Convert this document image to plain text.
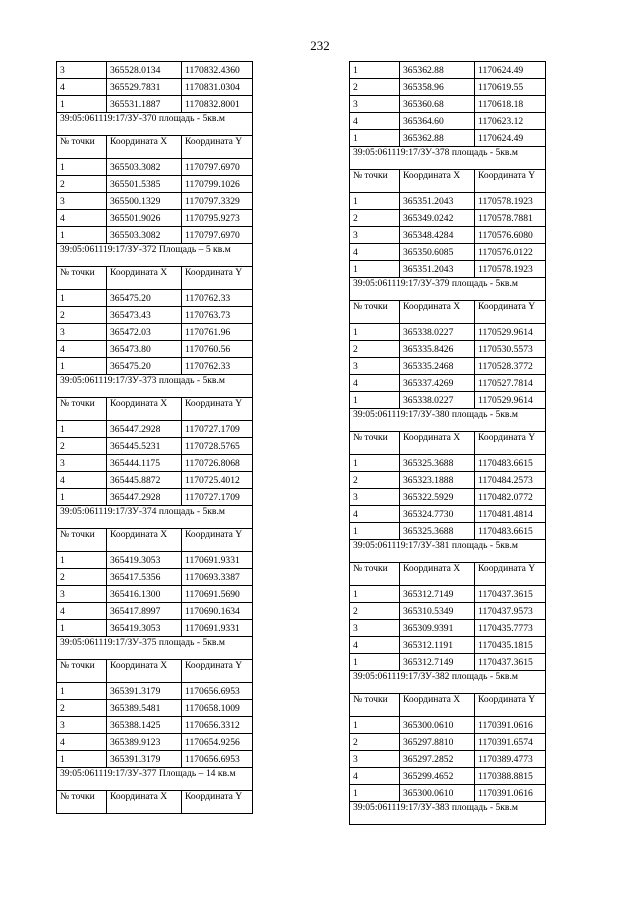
232
3	365528.0134	1170832.4360
4	365529.7831	1170831.0304
1	365531.1887	1170832.8001
39:05:061119:17/ЗУ-370 площадь - 5кв.м		
№ точки	Координата X	Координата Y
1	365503.3082	1170797.6970
2	365501.5385	1170799.1026
3	365500.1329	1170797.3329
4	365501.9026	1170795.9273
1	365503.3082	1170797.6970
39:05:061119:17/ЗУ-372 Площадь – 5 кв.м		
№ точки	Координата X	Координата Y
1	365475.20	1170762.33
2	365473.43	1170763.73
3	365472.03	1170761.96
4	365473.80	1170760.56
1	365475.20	1170762.33
39:05:061119:17/ЗУ-373 площадь - 5кв.м		
№ точки	Координата X	Координата Y
1	365447.2928	1170727.1709
2	365445.5231	1170728.5765
3	365444.1175	1170726.8068
4	365445.8872	1170725.4012
1	365447.2928	1170727.1709
39:05:061119:17/ЗУ-374 площадь - 5кв.м		
№ точки	Координата X	Координата Y
1	365419.3053	1170691.9331
2	365417.5356	1170693.3387
3	365416.1300	1170691.5690
4	365417.8997	1170690.1634
1	365419.3053	1170691.9331
39:05:061119:17/ЗУ-375 площадь - 5кв.м		
№ точки	Координата X	Координата Y
1	365391.3179	1170656.6953
2	365389.5481	1170658.1009
3	365388.1425	1170656.3312
4	365389.9123	1170654.9256
1	365391.3179	1170656.6953
39:05:061119:17/ЗУ-377 Площадь – 14 кв.м		
№ точки	Координата X	Координата Y
1	365362.88	1170624.49
2	365358.96	1170619.55
3	365360.68	1170618.18
4	365364.60	1170623.12
1	365362.88	1170624.49
39:05:061119:17/ЗУ-378 площадь - 5кв.м		
№ точки	Координата X	Координата Y
1	365351.2043	1170578.1923
2	365349.0242	1170578.7881
3	365348.4284	1170576.6080
4	365350.6085	1170576.0122
1	365351.2043	1170578.1923
39:05:061119:17/ЗУ-379 площадь - 5кв.м		
№ точки	Координата X	Координата Y
1	365338.0227	1170529.9614
2	365335.8426	1170530.5573
3	365335.2468	1170528.3772
4	365337.4269	1170527.7814
1	365338.0227	1170529.9614
39:05:061119:17/ЗУ-380 площадь - 5кв.м		
№ точки	Координата X	Координата Y
1	365325.3688	1170483.6615
2	365323.1888	1170484.2573
3	365322.5929	1170482.0772
4	365324.7730	1170481.4814
1	365325.3688	1170483.6615
39:05:061119:17/ЗУ-381 площадь - 5кв.м		
№ точки	Координата X	Координата Y
1	365312.7149	1170437.3615
2	365310.5349	1170437.9573
3	365309.9391	1170435.7773
4	365312.1191	1170435.1815
1	365312.7149	1170437.3615
39:05:061119:17/ЗУ-382 площадь - 5кв.м		
№ точки	Координата X	Координата Y
1	365300.0610	1170391.0616
2	365297.8810	1170391.6574
3	365297.2852	1170389.4773
4	365299.4652	1170388.8815
1	365300.0610	1170391.0616
39:05:061119:17/ЗУ-383 площадь - 5кв.м		
